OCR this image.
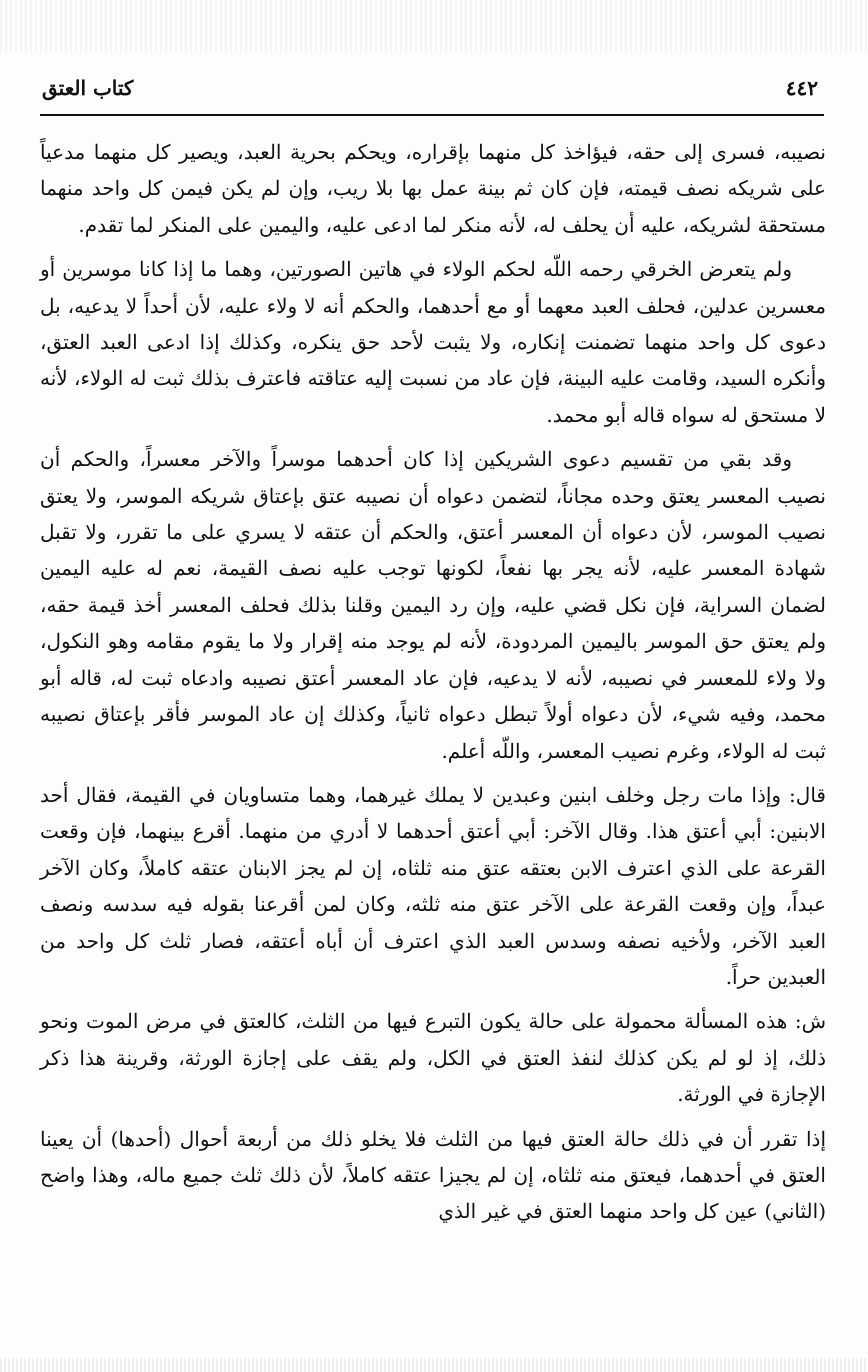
كتاب العتق	٤٤٢

نصيبه، فسرى إلى حقه، فيؤاخذ كل منهما بإقراره، ويحكم بحرية العبد، ويصير كل منهما مدعياً على شريكه نصف قيمته، فإن كان ثم بينة عمل بها بلا ريب، وإن لم يكن فيمن كل واحد منهما مستحقة لشريكه، عليه أن يحلف له، لأنه منكر لما ادعى عليه، واليمين على المنكر لما تقدم.

ولم يتعرض الخرقي رحمه اللّه لحكم الولاء في هاتين الصورتين، وهما ما إذا كانا موسرين أو معسرين عدلين، فحلف العبد معهما أو مع أحدهما، والحكم أنه لا ولاء عليه، لأن أحداً لا يدعيه، بل دعوى كل واحد منهما تضمنت إنكاره، ولا يثبت لأحد حق ينكره، وكذلك إذا ادعى العبد العتق، وأنكره السيد، وقامت عليه البينة، فإن عاد من نسبت إليه عتاقته فاعترف بذلك ثبت له الولاء، لأنه لا مستحق له سواه قاله أبو محمد.

وقد بقي من تقسيم دعوى الشريكين إذا كان أحدهما موسراً والآخر معسراً، والحكم أن نصيب المعسر يعتق وحده مجاناً، لتضمن دعواه أن نصيبه عتق بإعتاق شريكه الموسر، ولا يعتق نصيب الموسر، لأن دعواه أن المعسر أعتق، والحكم أن عتقه لا يسري على ما تقرر، ولا تقبل شهادة المعسر عليه، لأنه يجر بها نفعاً، لكونها توجب عليه نصف القيمة، نعم له عليه اليمين لضمان السراية، فإن نكل قضي عليه، وإن رد اليمين وقلنا بذلك فحلف المعسر أخذ قيمة حقه، ولم يعتق حق الموسر باليمين المردودة، لأنه لم يوجد منه إقرار ولا ما يقوم مقامه وهو النكول، ولا ولاء للمعسر في نصيبه، لأنه لا يدعيه، فإن عاد المعسر أعتق نصيبه وادعاه ثبت له، قاله أبو محمد، وفيه شيء، لأن دعواه أولاً تبطل دعواه ثانياً، وكذلك إن عاد الموسر فأقر بإعتاق نصيبه ثبت له الولاء، وغرم نصيب المعسر، واللّه أعلم.

قال: وإذا مات رجل وخلف ابنين وعبدين لا يملك غيرهما، وهما متساويان في القيمة، فقال أحد الابنين: أبي أعتق هذا. وقال الآخر: أبي أعتق أحدهما لا أدري من منهما. أقرع بينهما، فإن وقعت القرعة على الذي اعترف الابن بعتقه عتق منه ثلثاه، إن لم يجز الابنان عتقه كاملاً، وكان الآخر عبداً، وإن وقعت القرعة على الآخر عتق منه ثلثه، وكان لمن أقرعنا بقوله فيه سدسه ونصف العبد الآخر، ولأخيه نصفه وسدس العبد الذي اعترف أن أباه أعتقه، فصار ثلث كل واحد من العبدين حراً.

ش: هذه المسألة محمولة على حالة يكون التبرع فيها من الثلث، كالعتق في مرض الموت ونحو ذلك، إذ لو لم يكن كذلك لنفذ العتق في الكل، ولم يقف على إجازة الورثة، وقرينة هذا ذكر الإجازة في الورثة.

إذا تقرر أن في ذلك حالة العتق فيها من الثلث فلا يخلو ذلك من أربعة أحوال (أحدها) أن يعينا العتق في أحدهما، فيعتق منه ثلثاه، إن لم يجيزا عتقه كاملاً، لأن ذلك ثلث جميع ماله، وهذا واضح (الثاني) عين كل واحد منهما العتق في غير الذي
